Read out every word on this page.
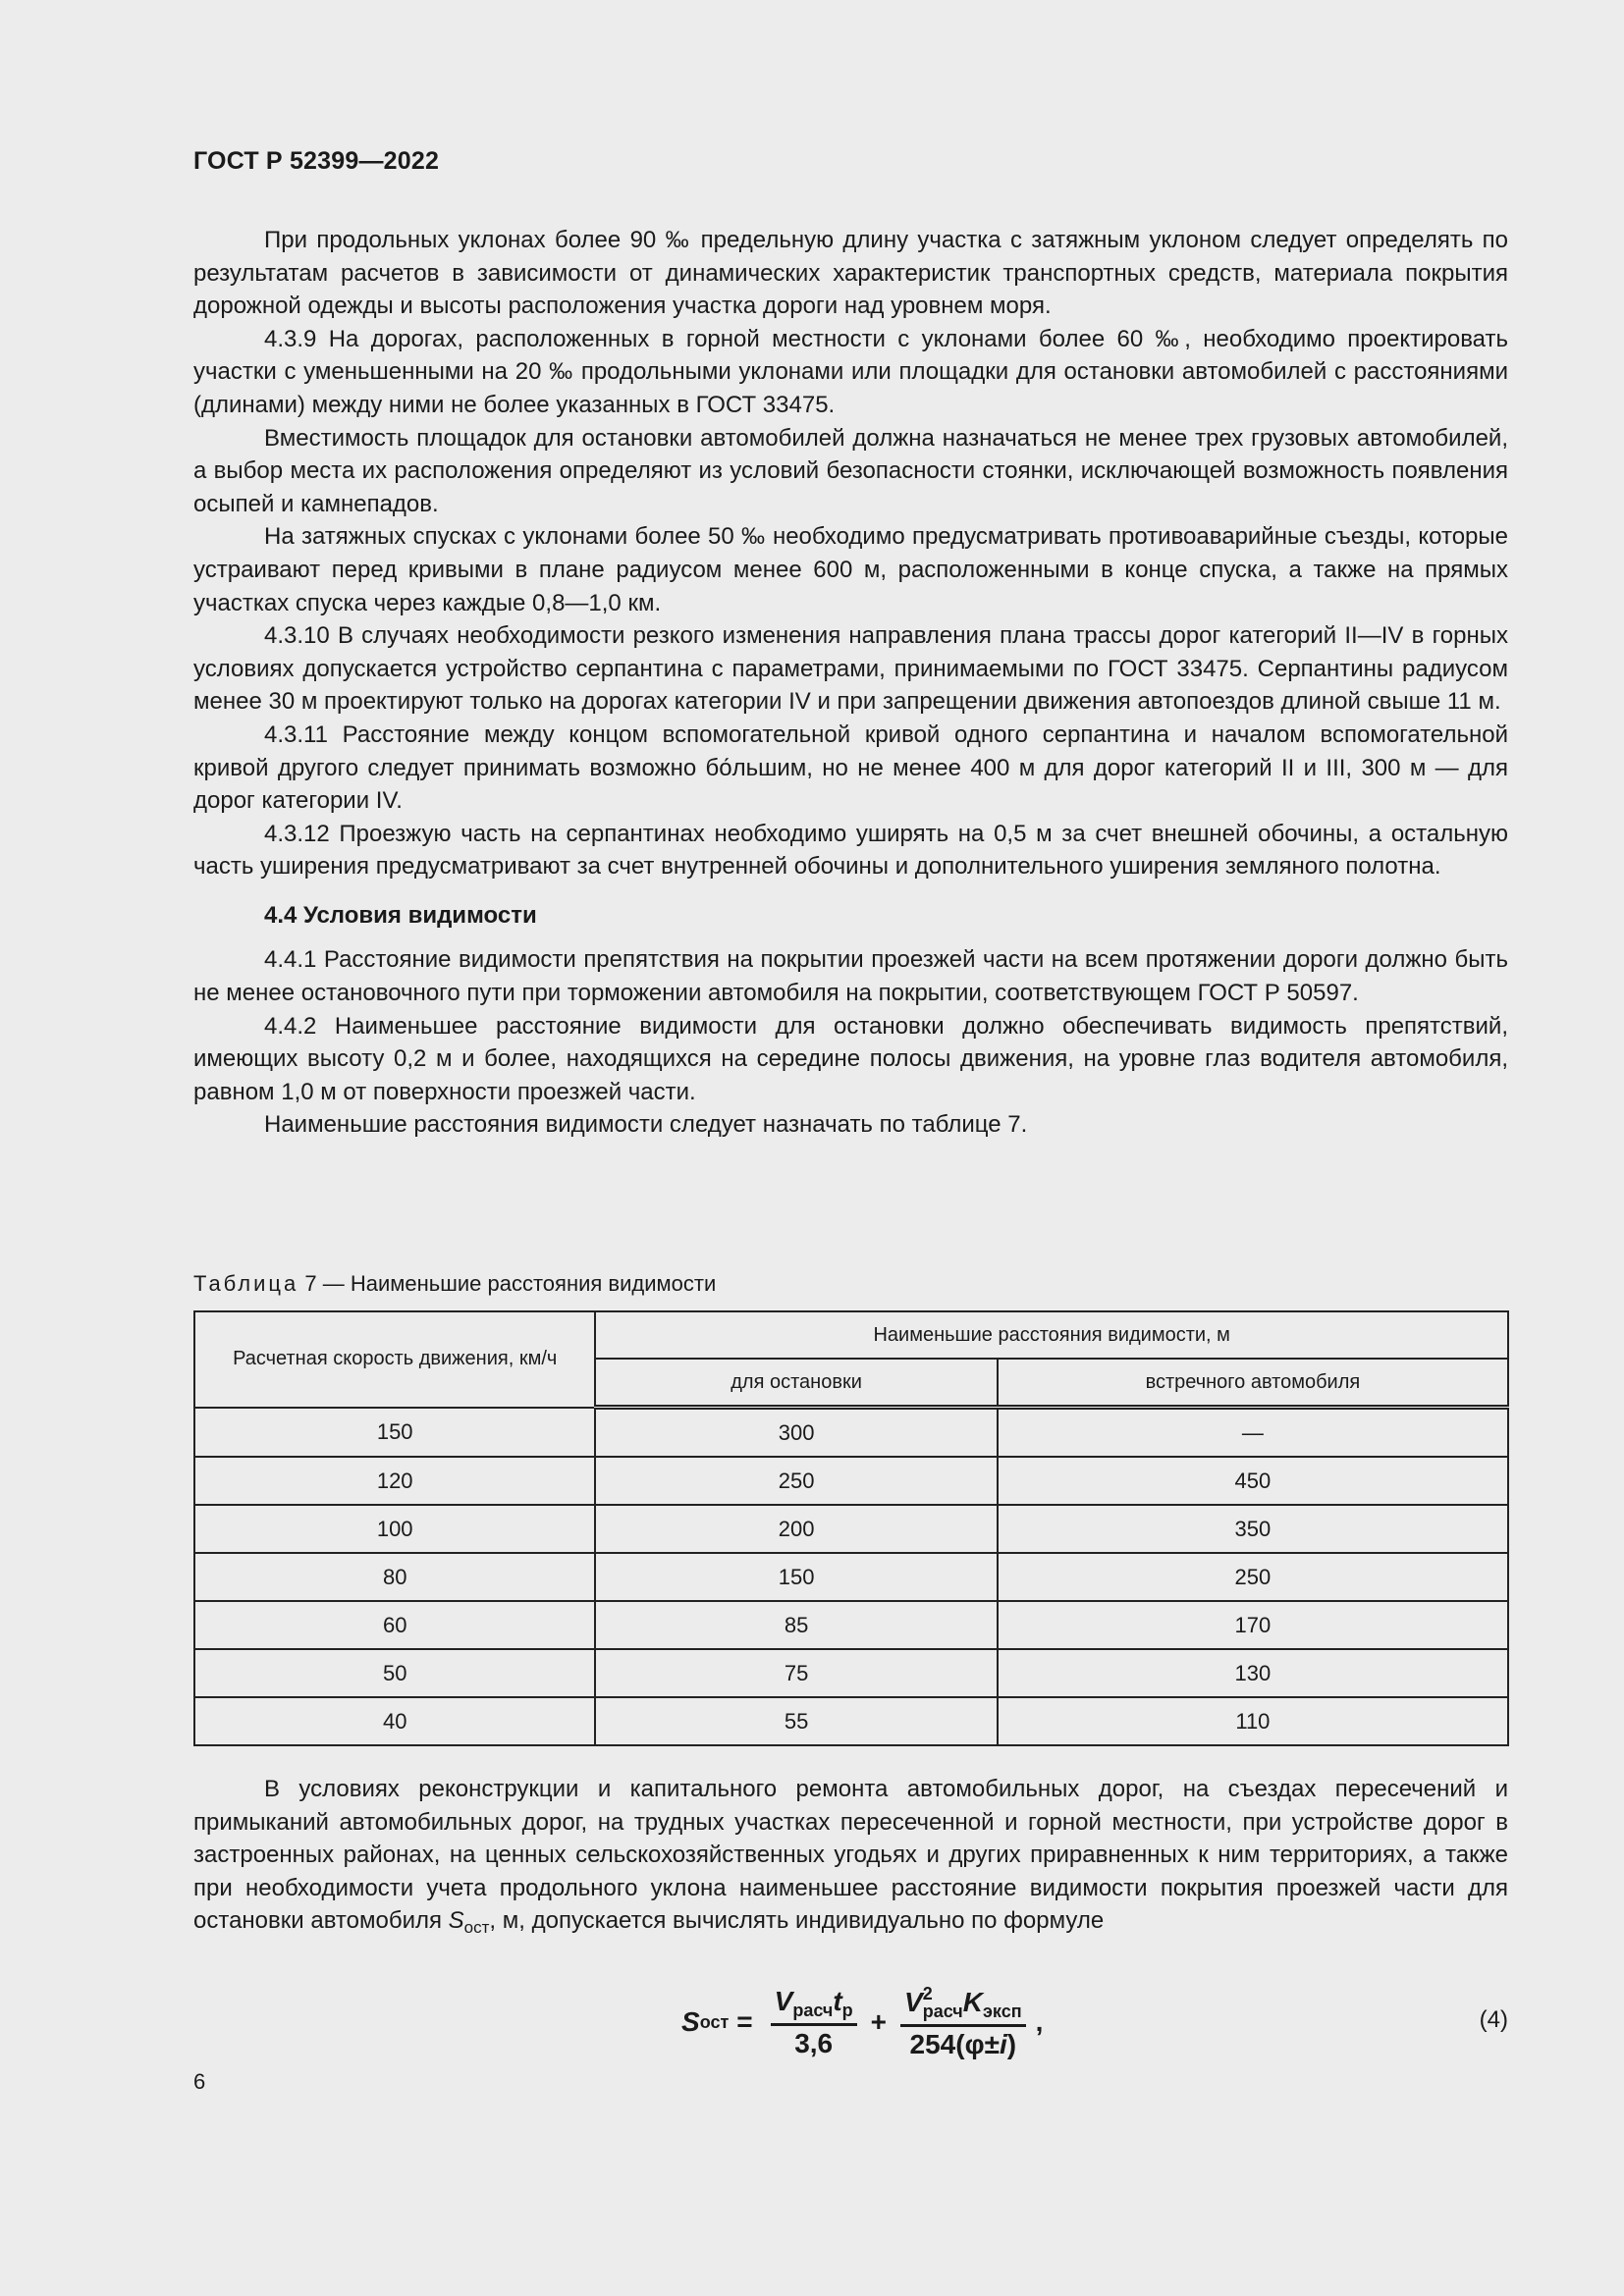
ГОСТ Р 52399—2022

При продольных уклонах более 90 ‰ предельную длину участка с затяжным уклоном следует определять по результатам расчетов в зависимости от динамических характеристик транспортных средств, материала покрытия дорожной одежды и высоты расположения участка дороги над уровнем моря.

4.3.9 На дорогах, расположенных в горной местности с уклонами более 60 ‰, необходимо проектировать участки с уменьшенными на 20 ‰ продольными уклонами или площадки для остановки автомобилей с расстояниями (длинами) между ними не более указанных в ГОСТ 33475.

Вместимость площадок для остановки автомобилей должна назначаться не менее трех грузовых автомобилей, а выбор места их расположения определяют из условий безопасности стоянки, исключающей возможность появления осыпей и камнепадов.

На затяжных спусках с уклонами более 50 ‰ необходимо предусматривать противоаварийные съезды, которые устраивают перед кривыми в плане радиусом менее 600 м, расположенными в конце спуска, а также на прямых участках спуска через каждые 0,8—1,0 км.

4.3.10 В случаях необходимости резкого изменения направления плана трассы дорог категорий II—IV в горных условиях допускается устройство серпантина с параметрами, принимаемыми по ГОСТ 33475. Серпантины радиусом менее 30 м проектируют только на дорогах категории IV и при запрещении движения автопоездов длиной свыше 11 м.

4.3.11 Расстояние между концом вспомогательной кривой одного серпантина и началом вспомогательной кривой другого следует принимать возможно бо́льшим, но не менее 400 м для дорог категорий II и III, 300 м — для дорог категории IV.

4.3.12 Проезжую часть на серпантинах необходимо уширять на 0,5 м за счет внешней обочины, а остальную часть уширения предусматривают за счет внутренней обочины и дополнительного уширения земляного полотна.

4.4 Условия видимости

4.4.1 Расстояние видимости препятствия на покрытии проезжей части на всем протяжении дороги должно быть не менее остановочного пути при торможении автомобиля на покрытии, соответствующем ГОСТ Р 50597.

4.4.2 Наименьшее расстояние видимости для остановки должно обеспечивать видимость препятствий, имеющих высоту 0,2 м и более, находящихся на середине полосы движения, на уровне глаз водителя автомобиля, равном 1,0 м от поверхности проезжей части.

Наименьшие расстояния видимости следует назначать по таблице 7.

Таблица 7 — Наименьшие расстояния видимости
Расчетная скорость движения, км/ч	Наименьшие расстояния видимости, м	
	для остановки	встречного автомобиля
150	300	—
120	250	450
100	200	350
80	150	250
60	85	170
50	75	130
40	55	110

В условиях реконструкции и капитального ремонта автомобильных дорог, на съездах пересечений и примыканий автомобильных дорог, на трудных участках пересеченной и горной местности, при устройстве дорог в застроенных районах, на ценных сельскохозяйственных угодьях и других приравненных к ним территориях, а также при необходимости учета продольного уклона наименьшее расстояние видимости покрытия проезжей части для остановки автомобиля $S_{ост}$, м, допускается вычислять индивидуально по формуле

S ост = $\frac{V_{расч}t_р}{3,6} + \frac{V^2_{расч}K_{эксп}}{254(\varphi\pm i)}$ ,	(4)
6
